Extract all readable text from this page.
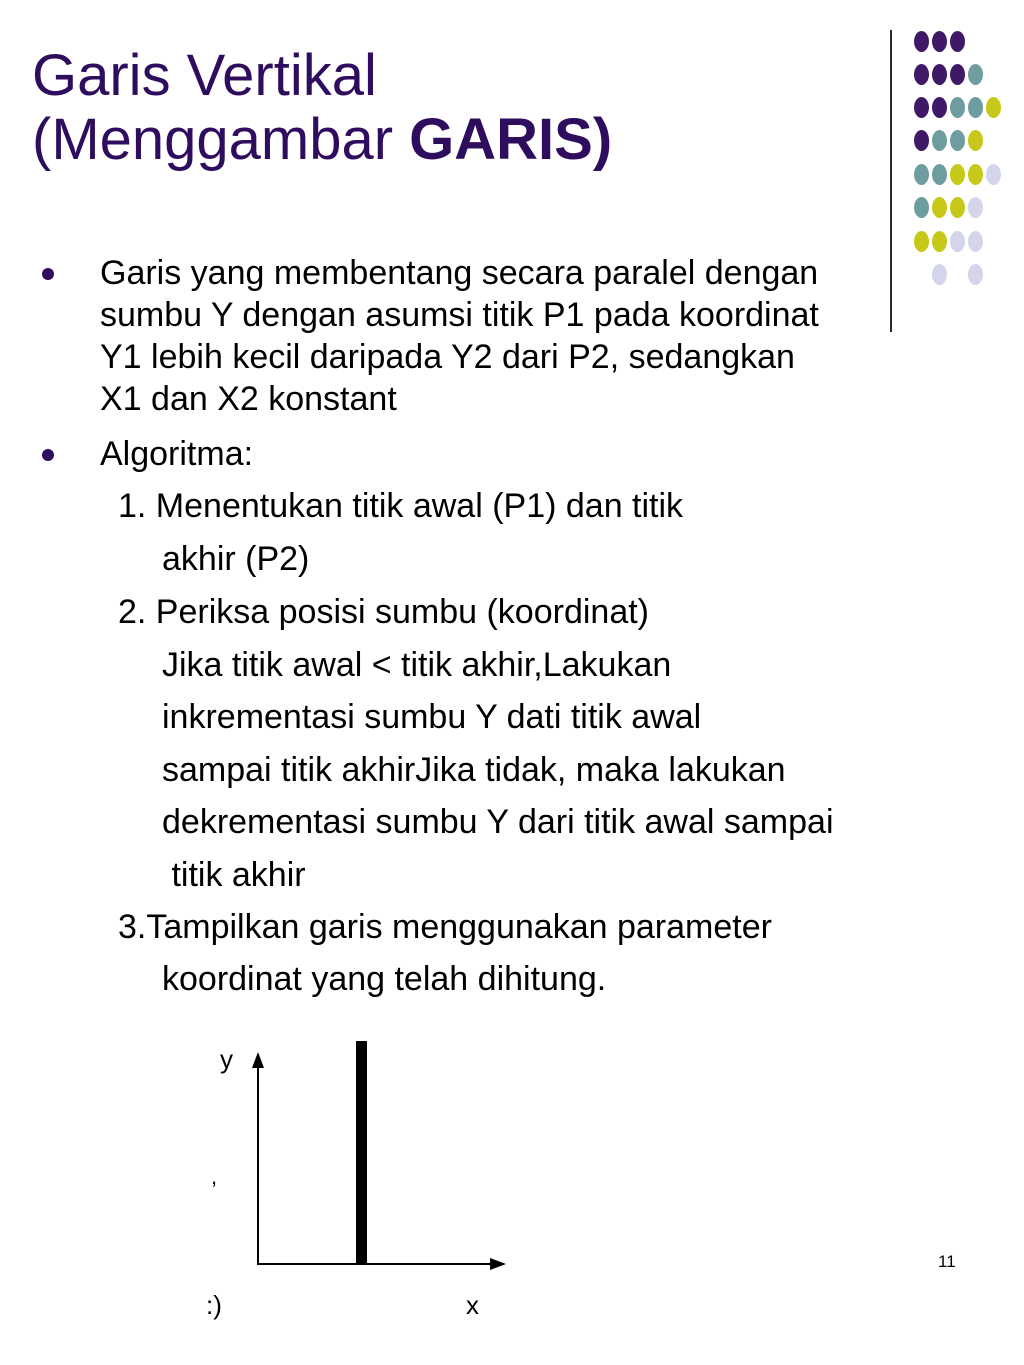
Garis Vertikal
(Menggambar GARIS)
Garis yang membentang secara paralel dengan
sumbu Y dengan asumsi titik P1 pada koordinat
Y1 lebih kecil daripada Y2 dari P2, sedangkan
X1 dan X2 konstant
Algoritma:
1. Menentukan titik awal (P1) dan titik
akhir (P2)
2. Periksa posisi sumbu (koordinat)
Jika titik awal < titik akhir,Lakukan
inkrementasi sumbu Y dati titik awal
sampai titik akhirJika tidak, maka lakukan
dekrementasi sumbu Y dari titik awal sampai
titik akhir
3.Tampilkan garis menggunakan parameter
koordinat yang telah dihitung.
y
x
,
:)
11
